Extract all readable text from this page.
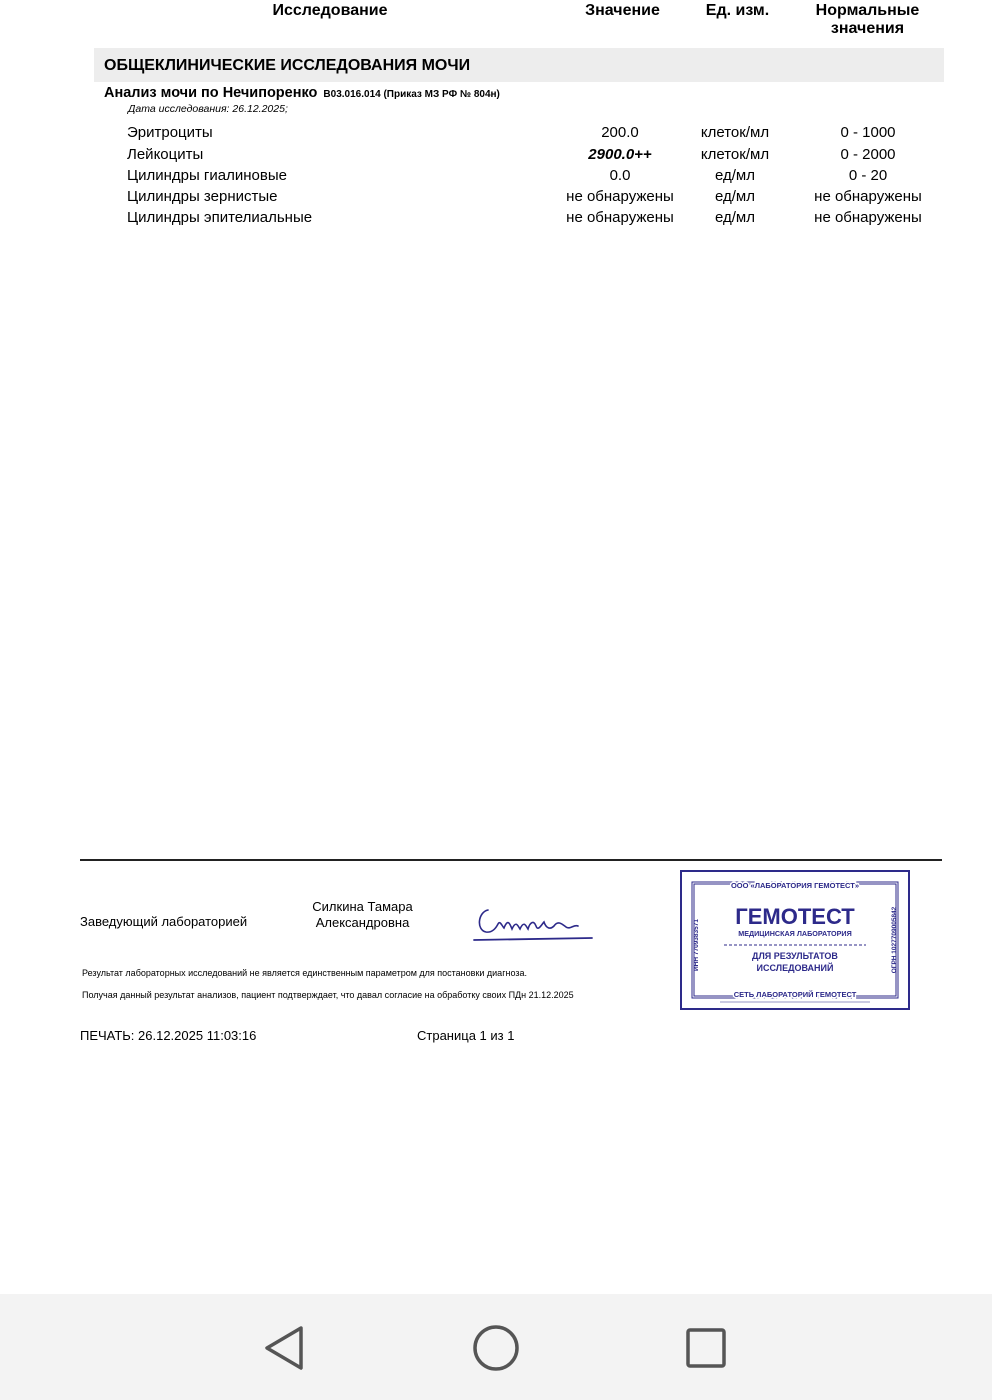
Исследование	Значение	Ед. изм.	Нормальные
значения
ОБЩЕКЛИНИЧЕСКИЕ ИССЛЕДОВАНИЯ МОЧИ
Анализ мочи по Нечипоренко B03.016.014 (Приказ МЗ РФ № 804н)
Дата исследования: 26.12.2025;
Эритроциты	200.0	клеток/мл	0 - 1000
Лейкоциты	2900.0++	клеток/мл	0 - 2000
Цилиндры гиалиновые	0.0	ед/мл	0 - 20
Цилиндры зернистые	не обнаружены	ед/мл	не обнаружены
Цилиндры эпителиальные	не обнаружены	ед/мл	не обнаружены
Заведующий лабораторией
Силкина Тамара
Александровна
Результат лабораторных исследований не является единственным параметром для постановки диагноза.
Получая данный результат анализов, пациент подтверждает, что давал согласие на обработку своих ПДн 21.12.2025
ООО «ЛАБОРАТОРИЯ ГЕМОТЕСТ»
ГЕМОТЕСТ
МЕДИЦИНСКАЯ ЛАБОРАТОРИЯ
ДЛЯ РЕЗУЛЬТАТОВ
ИССЛЕДОВАНИЙ
СЕТЬ ЛАБОРАТОРИЙ ГЕМОТЕСТ
ИНН 7709383571	ОГРН 1027709005842
ПЕЧАТЬ: 26.12.2025 11:03:16	Страница 1 из 1
